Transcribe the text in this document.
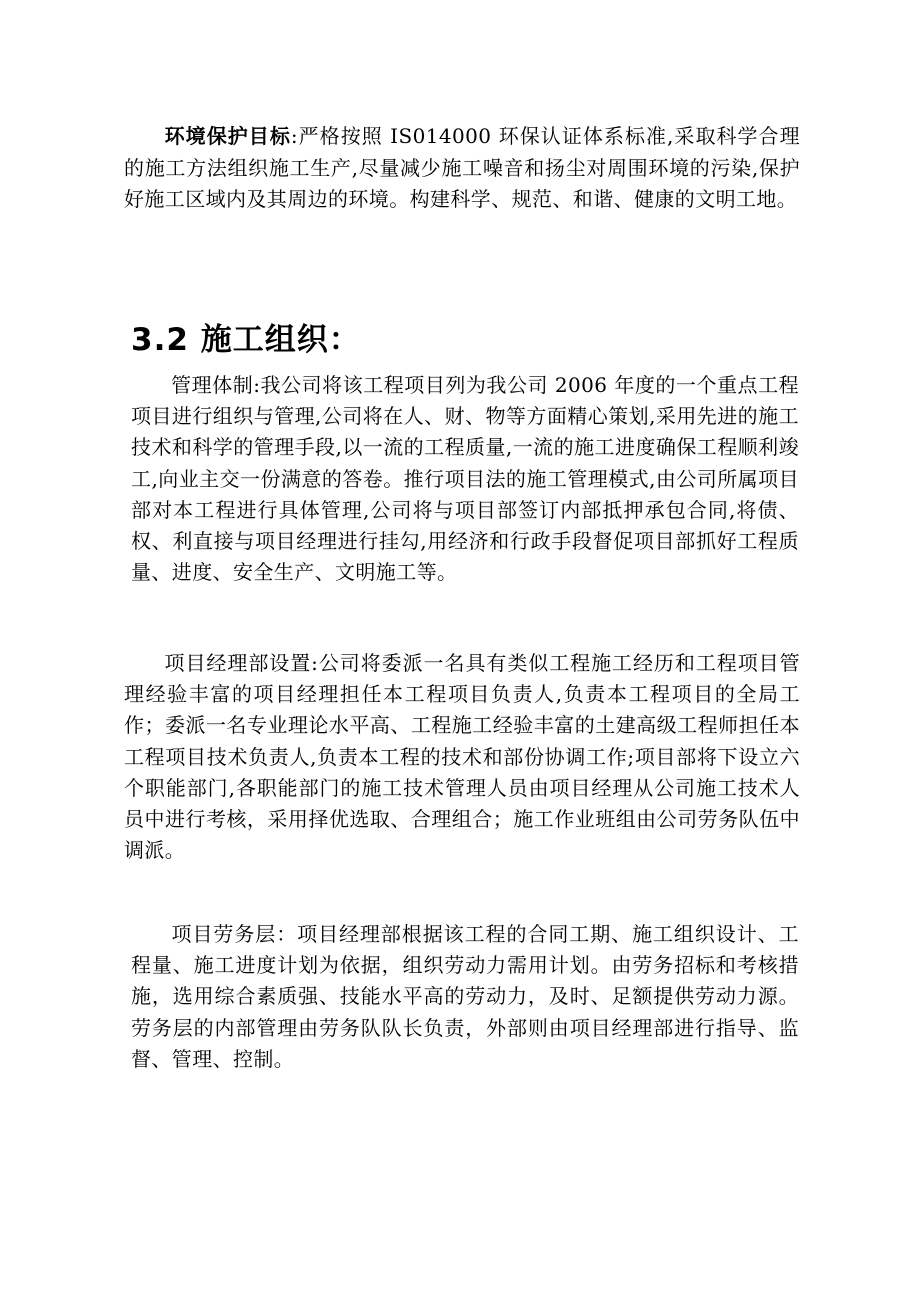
环境保护目标:严格按照 IS014000 环保认证体系标准,采取科学合理的施工方法组织施工生产,尽量减少施工噪音和扬尘对周围环境的污染,保护好施工区域内及其周边的环境。构建科学、规范、和谐、健康的文明工地。

3.2 施工组织：

管理体制:我公司将该工程项目列为我公司 2006 年度的一个重点工程项目进行组织与管理,公司将在人、财、物等方面精心策划,采用先进的施工技术和科学的管理手段,以一流的工程质量,一流的施工进度确保工程顺利竣工,向业主交一份满意的答卷。推行项目法的施工管理模式,由公司所属项目部对本工程进行具体管理,公司将与项目部签订内部抵押承包合同,将债、权、利直接与项目经理进行挂勾,用经济和行政手段督促项目部抓好工程质量、进度、安全生产、文明施工等。

项目经理部设置:公司将委派一名具有类似工程施工经历和工程项目管理经验丰富的项目经理担任本工程项目负责人,负责本工程项目的全局工作；委派一名专业理论水平高、工程施工经验丰富的土建高级工程师担任本工程项目技术负责人,负责本工程的技术和部份协调工作;项目部将下设立六个职能部门,各职能部门的施工技术管理人员由项目经理从公司施工技术人员中进行考核，采用择优选取、合理组合；施工作业班组由公司劳务队伍中调派。

项目劳务层：项目经理部根据该工程的合同工期、施工组织设计、工程量、施工进度计划为依据，组织劳动力需用计划。由劳务招标和考核措施，选用综合素质强、技能水平高的劳动力，及时、足额提供劳动力源。劳务层的内部管理由劳务队队长负责，外部则由项目经理部进行指导、监督、管理、控制。
